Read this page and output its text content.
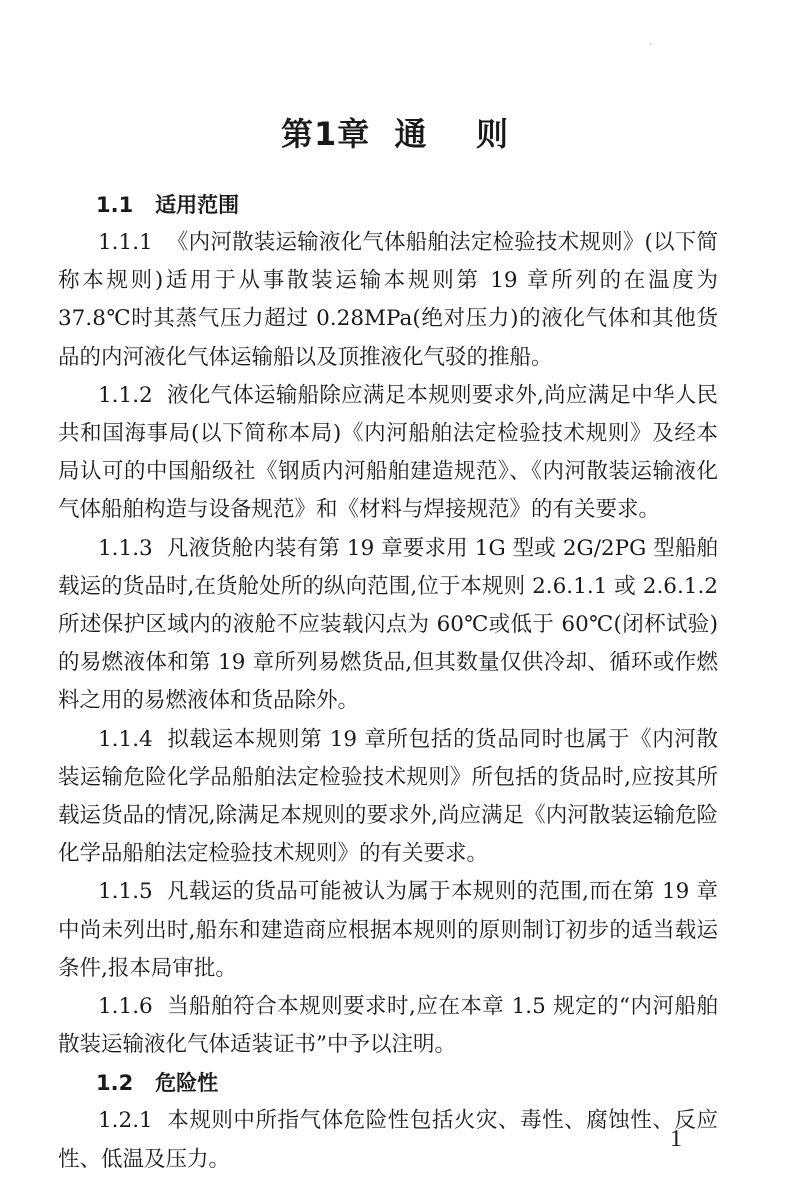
·
第1章  通    则
1.1   适用范围

1.1.1 《内河散装运输液化气体船舶法定检验技术规则》(以下简称本规则)适用于从事散装运输本规则第 19 章所列的在温度为 37.8℃时其蒸气压力超过 0.28MPa(绝对压力)的液化气体和其他货品的内河液化气体运输船以及顶推液化气驳的推船。

1.1.2 液化气体运输船除应满足本规则要求外,尚应满足中华人民共和国海事局(以下简称本局)《内河船舶法定检验技术规则》及经本局认可的中国船级社《钢质内河船舶建造规范》、《内河散装运输液化气体船舶构造与设备规范》和《材料与焊接规范》的有关要求。

1.1.3 凡液货舱内装有第 19 章要求用 1G 型或 2G/2PG 型船舶载运的货品时,在货舱处所的纵向范围,位于本规则 2.6.1.1 或 2.6.1.2 所述保护区域内的液舱不应装载闪点为 60℃或低于 60℃(闭杯试验)的易燃液体和第 19 章所列易燃货品,但其数量仅供冷却、循环或作燃料之用的易燃液体和货品除外。

1.1.4 拟载运本规则第 19 章所包括的货品同时也属于《内河散装运输危险化学品船舶法定检验技术规则》所包括的货品时,应按其所载运货品的情况,除满足本规则的要求外,尚应满足《内河散装运输危险化学品船舶法定检验技术规则》的有关要求。

1.1.5 凡载运的货品可能被认为属于本规则的范围,而在第 19 章中尚未列出时,船东和建造商应根据本规则的原则制订初步的适当载运条件,报本局审批。

1.1.6 当船舶符合本规则要求时,应在本章 1.5 规定的“内河船舶散装运输液化气体适装证书”中予以注明。

1.2   危险性

1.2.1 本规则中所指气体危险性包括火灾、毒性、腐蚀性、反应性、低温及压力。

1
